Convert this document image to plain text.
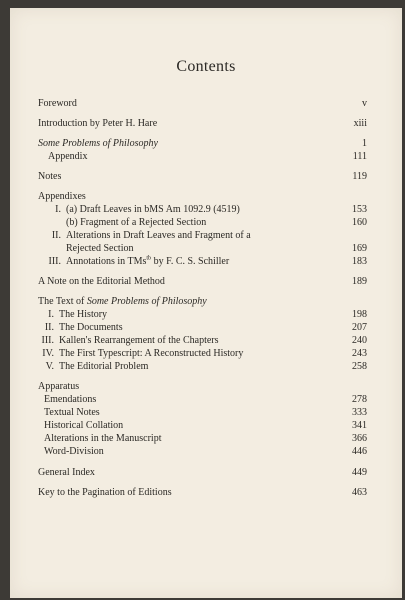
Contents
Foreword	v
Introduction by Peter H. Hare	xiii
Some Problems of Philosophy	1
Appendix	111
Notes	119
Appendixes
I. (a) Draft Leaves in bMS Am 1092.9 (4519)	153
(b) Fragment of a Rejected Section	160
II. Alterations in Draft Leaves and Fragment of a
Rejected Section	169
III. Annotations in TMs$^{tb}$ by F. C. S. Schiller	183
A Note on the Editorial Method	189
The Text of Some Problems of Philosophy
I. The History	198
II. The Documents	207
III. Kallen's Rearrangement of the Chapters	240
IV. The First Typescript: A Reconstructed History	243
V. The Editorial Problem	258
Apparatus
Emendations	278
Textual Notes	333
Historical Collation	341
Alterations in the Manuscript	366
Word-Division	446
General Index	449
Key to the Pagination of Editions	463
